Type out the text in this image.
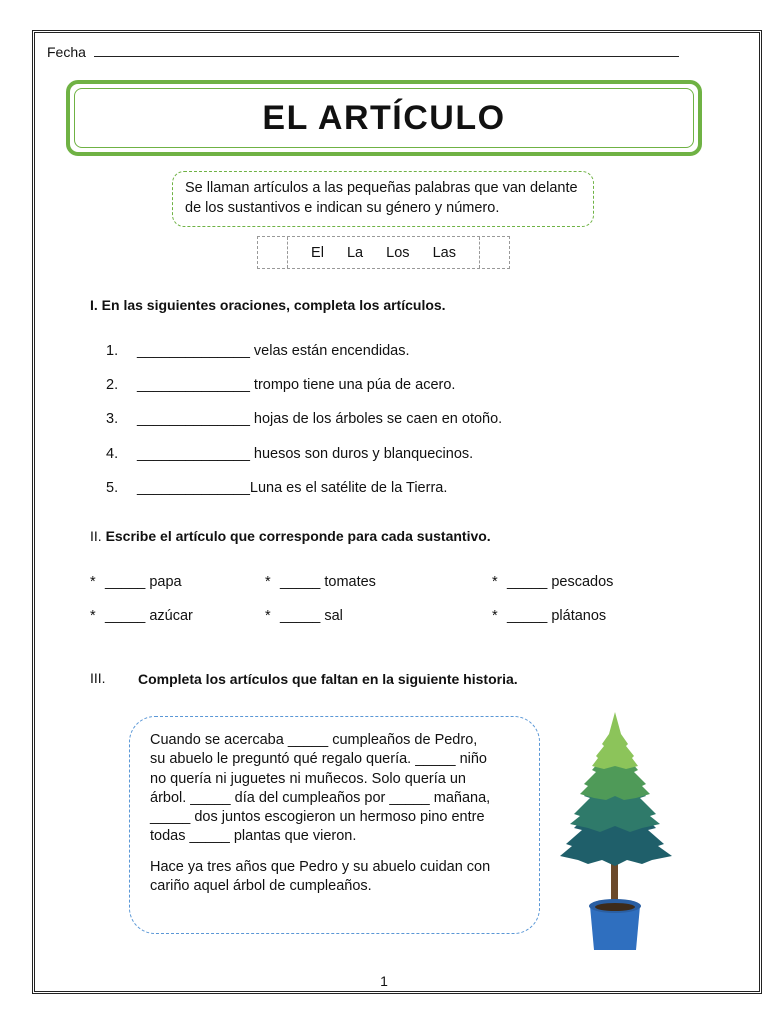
Fecha
EL ARTÍCULO
Se llaman artículos a las pequeñas palabras que van delante de los sustantivos e indican su género y número.
El La Los Las
I. En las siguientes oraciones, completa los artículos.
1.	______________ velas están encendidas.
2.	______________ trompo tiene una púa de acero.
3.	______________ hojas de los árboles se caen en otoño.
4.	______________ huesos son duros y blanquecinos.
5.	______________Luna es el satélite de la Tierra.
II. Escribe el artículo que corresponde para cada sustantivo.
* _____ papa	* _____ tomates	* _____ pescados
* _____ azúcar	* _____ sal	* _____ plátanos
III. Completa los artículos que faltan en la siguiente historia.

Cuando se acercaba _____ cumpleaños de Pedro,
su abuelo le preguntó qué regalo quería. _____ niño
no quería ni juguetes ni muñecos. Solo quería un
árbol. _____ día del cumpleaños por _____ mañana,
_____ dos juntos escogieron un hermoso pino entre
todas _____ plantas que vieron.

Hace ya tres años que Pedro y su abuelo cuidan con
cariño aquel árbol de cumpleaños.

1
